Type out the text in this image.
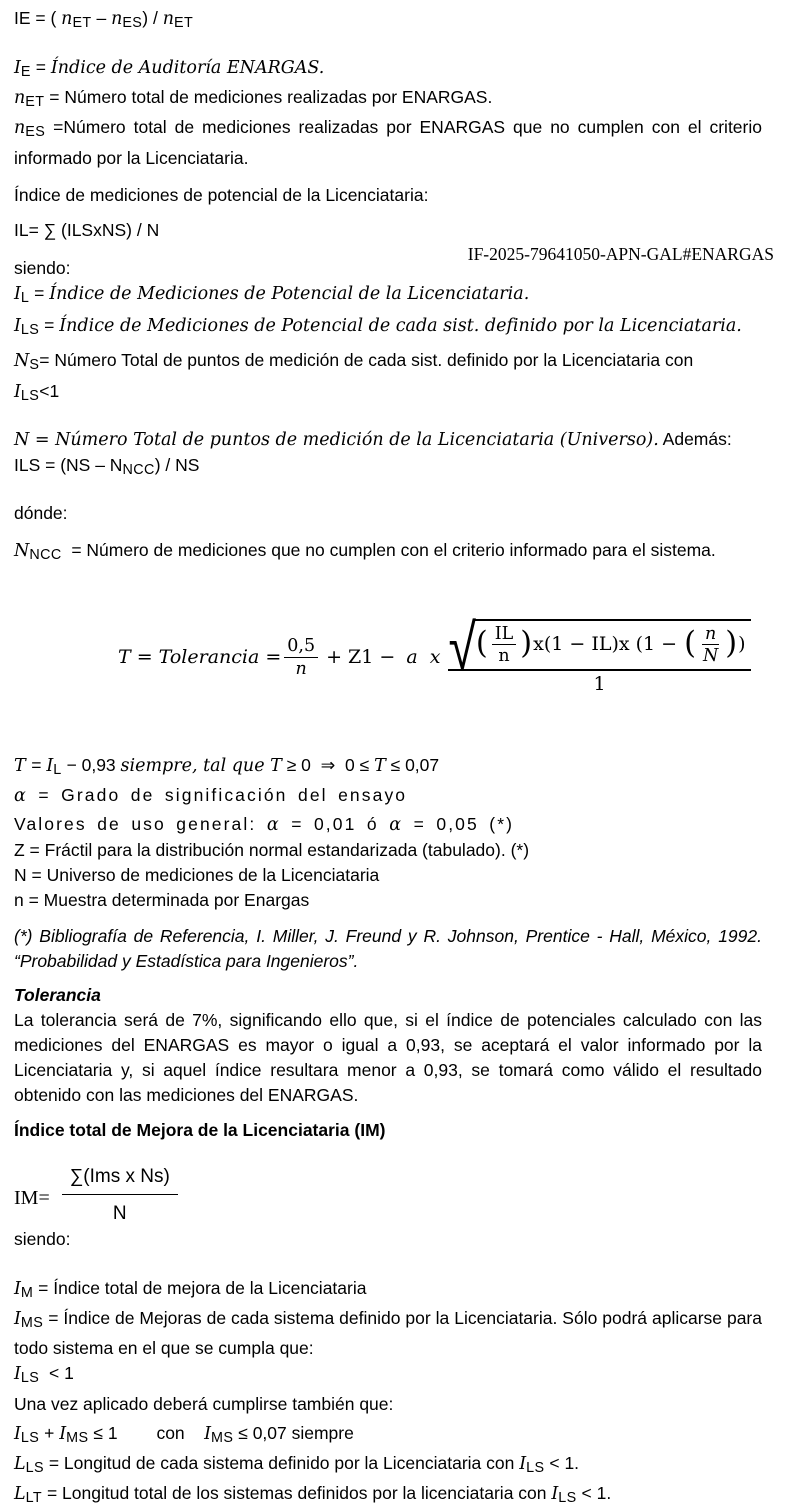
IE = ( nET – nES) / nET

IE = Índice de Auditoría ENARGAS.

nET = Número total de mediciones realizadas por ENARGAS.

nES =Número total de mediciones realizadas por ENARGAS que no cumplen con el criterio informado por la Licenciataria.

Índice de mediciones de potencial de la Licenciataria:

IL= ∑ (ILSxNS) / N

siendo:

IF-2025-79641050-APN-GAL#ENARGAS

IL = Índice de Mediciones de Potencial de la Licenciataria.

ILS = Índice de Mediciones de Potencial de cada sist. definido por la Licenciataria.

NS= Número Total de puntos de medición de cada sist. definido por la Licenciataria con

ILS<1

N = Número Total de puntos de medición de la Licenciataria (Universo). Además:

ILS = (NS – NNCC) / NS

dónde:

NNCC  = Número de mediciones que no cumplen con el criterio informado para el sistema.

T = Tolerancia = $\frac{0,5}{n} + Z1 - a$  x √ ( IL
n ) x(1 − IL)x (1 − ( n
N ) )
1

T = IL − 0,93 siempre, tal que T ≥ 0  ⇒  0 ≤ T ≤ 0,07

α = Grado de significación del ensayo

Valores de uso general: α = 0,01 ó α = 0,05 (*)

Z = Fráctil para la distribución normal estandarizada (tabulado). (*)

N = Universo de mediciones de la Licenciataria

n = Muestra determinada por Enargas

(*) Bibliografía de Referencia, I. Miller, J. Freund y R. Johnson, Prentice - Hall, México, 1992. “Probabilidad y Estadística para Ingenieros”.

Tolerancia

La tolerancia será de 7%, significando ello que, si el índice de potenciales calculado con las mediciones del ENARGAS es mayor o igual a 0,93, se aceptará el valor informado por la Licenciataria y, si aquel índice resultara menor a 0,93, se tomará como válido el resultado obtenido con las mediciones del ENARGAS.

Índice total de Mejora de la Licenciataria (IM)

$IM= \frac{\text{∑(Ims x Ns)}}{N}$

siendo:

IM = Índice total de mejora de la Licenciataria

IMS = Índice de Mejoras de cada sistema definido por la Licenciataria. Sólo podrá aplicarse para todo sistema en el que se cumpla que:

ILS  < 1

Una vez aplicado deberá cumplirse también que:

ILS + IMS ≤ 1        con    IMS ≤ 0,07 siempre

LLS = Longitud de cada sistema definido por la Licenciataria con ILS < 1.

LLT = Longitud total de los sistemas definidos por la licenciataria con ILS < 1.
